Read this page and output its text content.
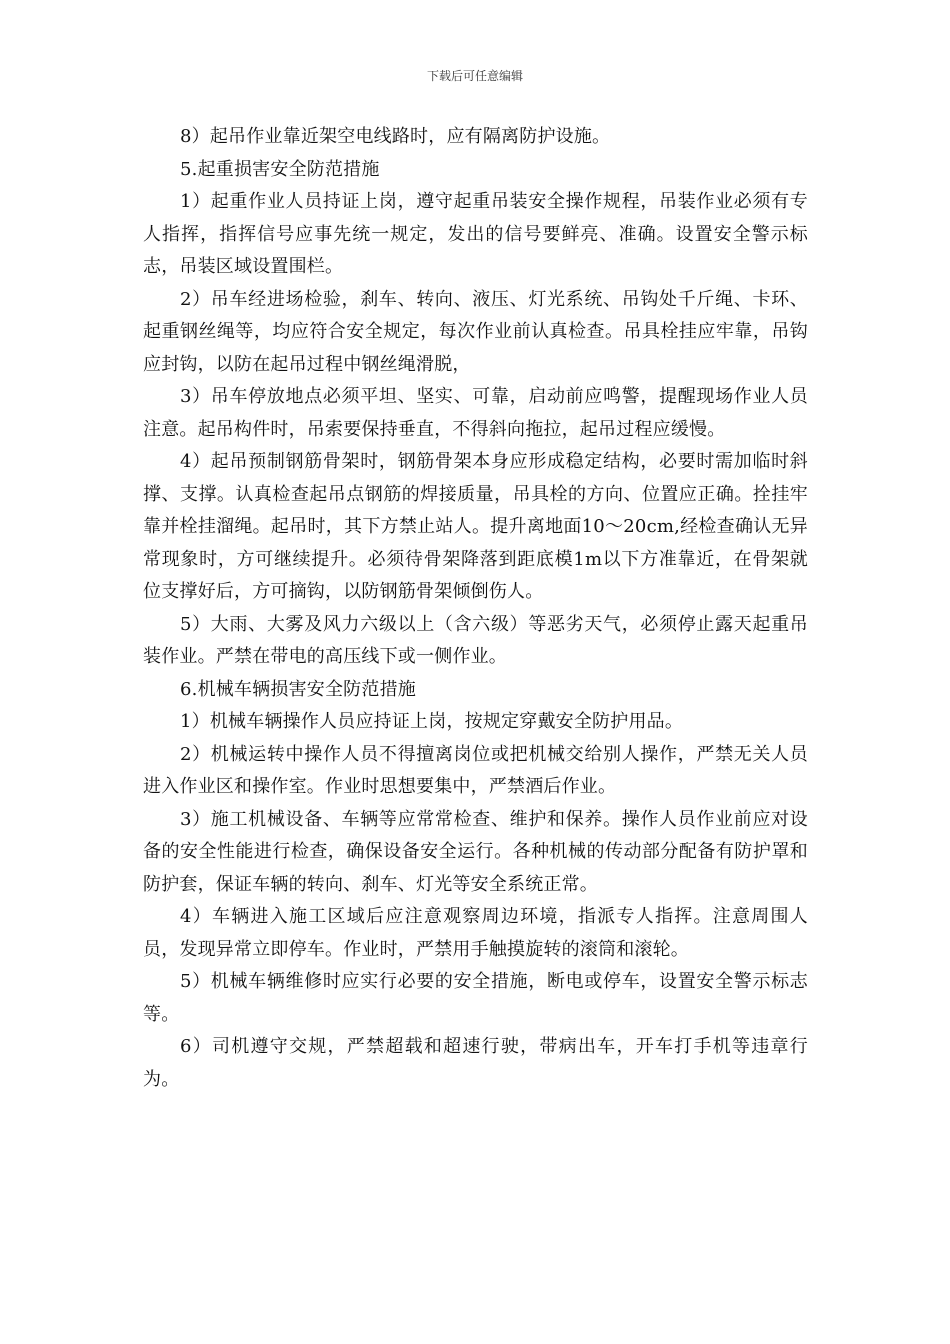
下载后可任意编辑

8）起吊作业靠近架空电线路时，应有隔离防护设施。

5.起重损害安全防范措施

1）起重作业人员持证上岗，遵守起重吊装安全操作规程，吊装作业必须有专人指挥，指挥信号应事先统一规定，发出的信号要鲜亮、准确。设置安全警示标志，吊装区域设置围栏。

2）吊车经进场检验，刹车、转向、液压、灯光系统、吊钩处千斤绳、卡环、起重钢丝绳等，均应符合安全规定，每次作业前认真检查。吊具栓挂应牢靠，吊钩应封钩，以防在起吊过程中钢丝绳滑脱，

3）吊车停放地点必须平坦、坚实、可靠，启动前应鸣警，提醒现场作业人员注意。起吊构件时，吊索要保持垂直，不得斜向拖拉，起吊过程应缓慢。

4）起吊预制钢筋骨架时，钢筋骨架本身应形成稳定结构，必要时需加临时斜撑、支撑。认真检查起吊点钢筋的焊接质量，吊具栓的方向、位置应正确。拴挂牢靠并栓挂溜绳。起吊时，其下方禁止站人。提升离地面10～20cm,经检查确认无异常现象时，方可继续提升。必须待骨架降落到距底模1m以下方准靠近，在骨架就位支撑好后，方可摘钩，以防钢筋骨架倾倒伤人。

5）大雨、大雾及风力六级以上（含六级）等恶劣天气，必须停止露天起重吊装作业。严禁在带电的高压线下或一侧作业。

6.机械车辆损害安全防范措施

1）机械车辆操作人员应持证上岗，按规定穿戴安全防护用品。

2）机械运转中操作人员不得擅离岗位或把机械交给别人操作，严禁无关人员进入作业区和操作室。作业时思想要集中，严禁酒后作业。

3）施工机械设备、车辆等应常常检查、维护和保养。操作人员作业前应对设备的安全性能进行检查，确保设备安全运行。各种机械的传动部分配备有防护罩和防护套，保证车辆的转向、刹车、灯光等安全系统正常。

4）车辆进入施工区域后应注意观察周边环境，指派专人指挥。注意周围人员，发现异常立即停车。作业时，严禁用手触摸旋转的滚筒和滚轮。

5）机械车辆维修时应实行必要的安全措施，断电或停车，设置安全警示标志等。

6）司机遵守交规，严禁超载和超速行驶，带病出车，开车打手机等违章行为。
